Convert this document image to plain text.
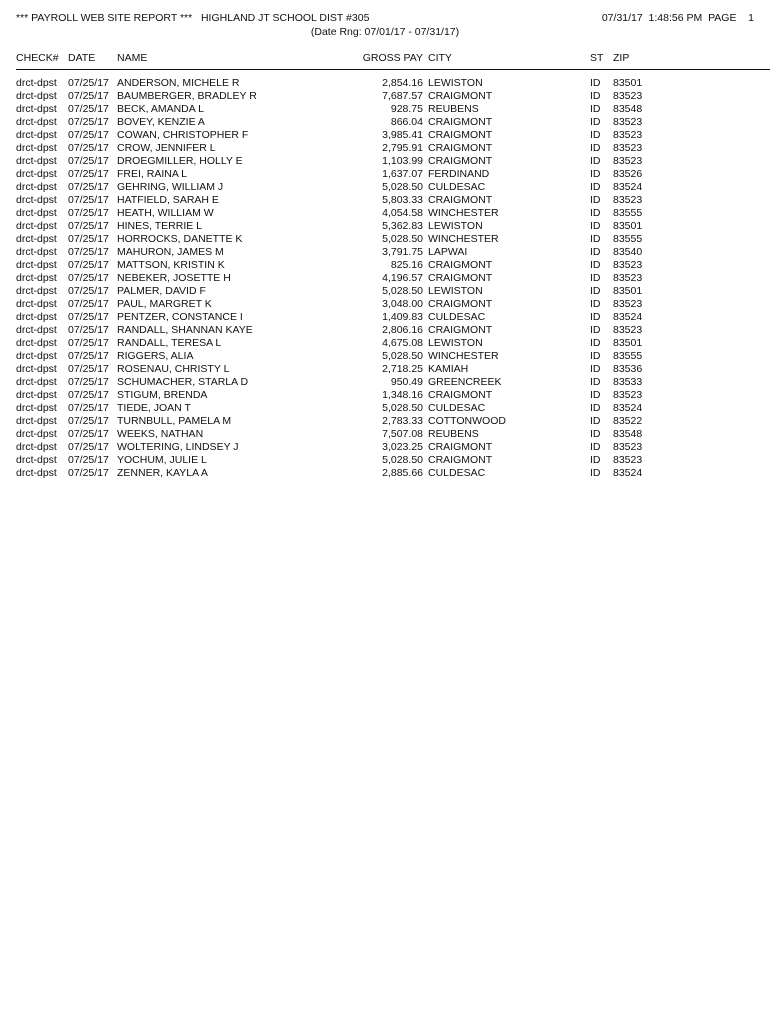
*** PAYROLL WEB SITE REPORT ***   HIGHLAND JT SCHOOL DIST #305	07/31/17  1:48:56 PM  PAGE    1
(Date Rng: 07/01/17 - 07/31/17)
CHECK# DATE NAME	GROSS PAY CITY	ST ZIP
drct-dpst 07/25/17 ANDERSON, MICHELE R	2,854.16 LEWISTON	ID 83501
drct-dpst 07/25/17 BAUMBERGER, BRADLEY R	7,687.57 CRAIGMONT	ID 83523
drct-dpst 07/25/17 BECK, AMANDA L	928.75 REUBENS	ID 83548
drct-dpst 07/25/17 BOVEY, KENZIE A	866.04 CRAIGMONT	ID 83523
drct-dpst 07/25/17 COWAN, CHRISTOPHER F	3,985.41 CRAIGMONT	ID 83523
drct-dpst 07/25/17 CROW, JENNIFER L	2,795.91 CRAIGMONT	ID 83523
drct-dpst 07/25/17 DROEGMILLER, HOLLY E	1,103.99 CRAIGMONT	ID 83523
drct-dpst 07/25/17 FREI, RAINA L	1,637.07 FERDINAND	ID 83526
drct-dpst 07/25/17 GEHRING, WILLIAM J	5,028.50 CULDESAC	ID 83524
drct-dpst 07/25/17 HATFIELD, SARAH E	5,803.33 CRAIGMONT	ID 83523
drct-dpst 07/25/17 HEATH, WILLIAM W	4,054.58 WINCHESTER	ID 83555
drct-dpst 07/25/17 HINES, TERRIE L	5,362.83 LEWISTON	ID 83501
drct-dpst 07/25/17 HORROCKS, DANETTE K	5,028.50 WINCHESTER	ID 83555
drct-dpst 07/25/17 MAHURON, JAMES M	3,791.75 LAPWAI	ID 83540
drct-dpst 07/25/17 MATTSON, KRISTIN K	825.16 CRAIGMONT	ID 83523
drct-dpst 07/25/17 NEBEKER, JOSETTE H	4,196.57 CRAIGMONT	ID 83523
drct-dpst 07/25/17 PALMER, DAVID F	5,028.50 LEWISTON	ID 83501
drct-dpst 07/25/17 PAUL, MARGRET K	3,048.00 CRAIGMONT	ID 83523
drct-dpst 07/25/17 PENTZER, CONSTANCE I	1,409.83 CULDESAC	ID 83524
drct-dpst 07/25/17 RANDALL, SHANNAN KAYE	2,806.16 CRAIGMONT	ID 83523
drct-dpst 07/25/17 RANDALL, TERESA L	4,675.08 LEWISTON	ID 83501
drct-dpst 07/25/17 RIGGERS, ALIA	5,028.50 WINCHESTER	ID 83555
drct-dpst 07/25/17 ROSENAU, CHRISTY L	2,718.25 KAMIAH	ID 83536
drct-dpst 07/25/17 SCHUMACHER, STARLA D	950.49 GREENCREEK	ID 83533
drct-dpst 07/25/17 STIGUM, BRENDA	1,348.16 CRAIGMONT	ID 83523
drct-dpst 07/25/17 TIEDE, JOAN T	5,028.50 CULDESAC	ID 83524
drct-dpst 07/25/17 TURNBULL, PAMELA M	2,783.33 COTTONWOOD	ID 83522
drct-dpst 07/25/17 WEEKS, NATHAN	7,507.08 REUBENS	ID 83548
drct-dpst 07/25/17 WOLTERING, LINDSEY J	3,023.25 CRAIGMONT	ID 83523
drct-dpst 07/25/17 YOCHUM, JULIE L	5,028.50 CRAIGMONT	ID 83523
drct-dpst 07/25/17 ZENNER, KAYLA A	2,885.66 CULDESAC	ID 83524
